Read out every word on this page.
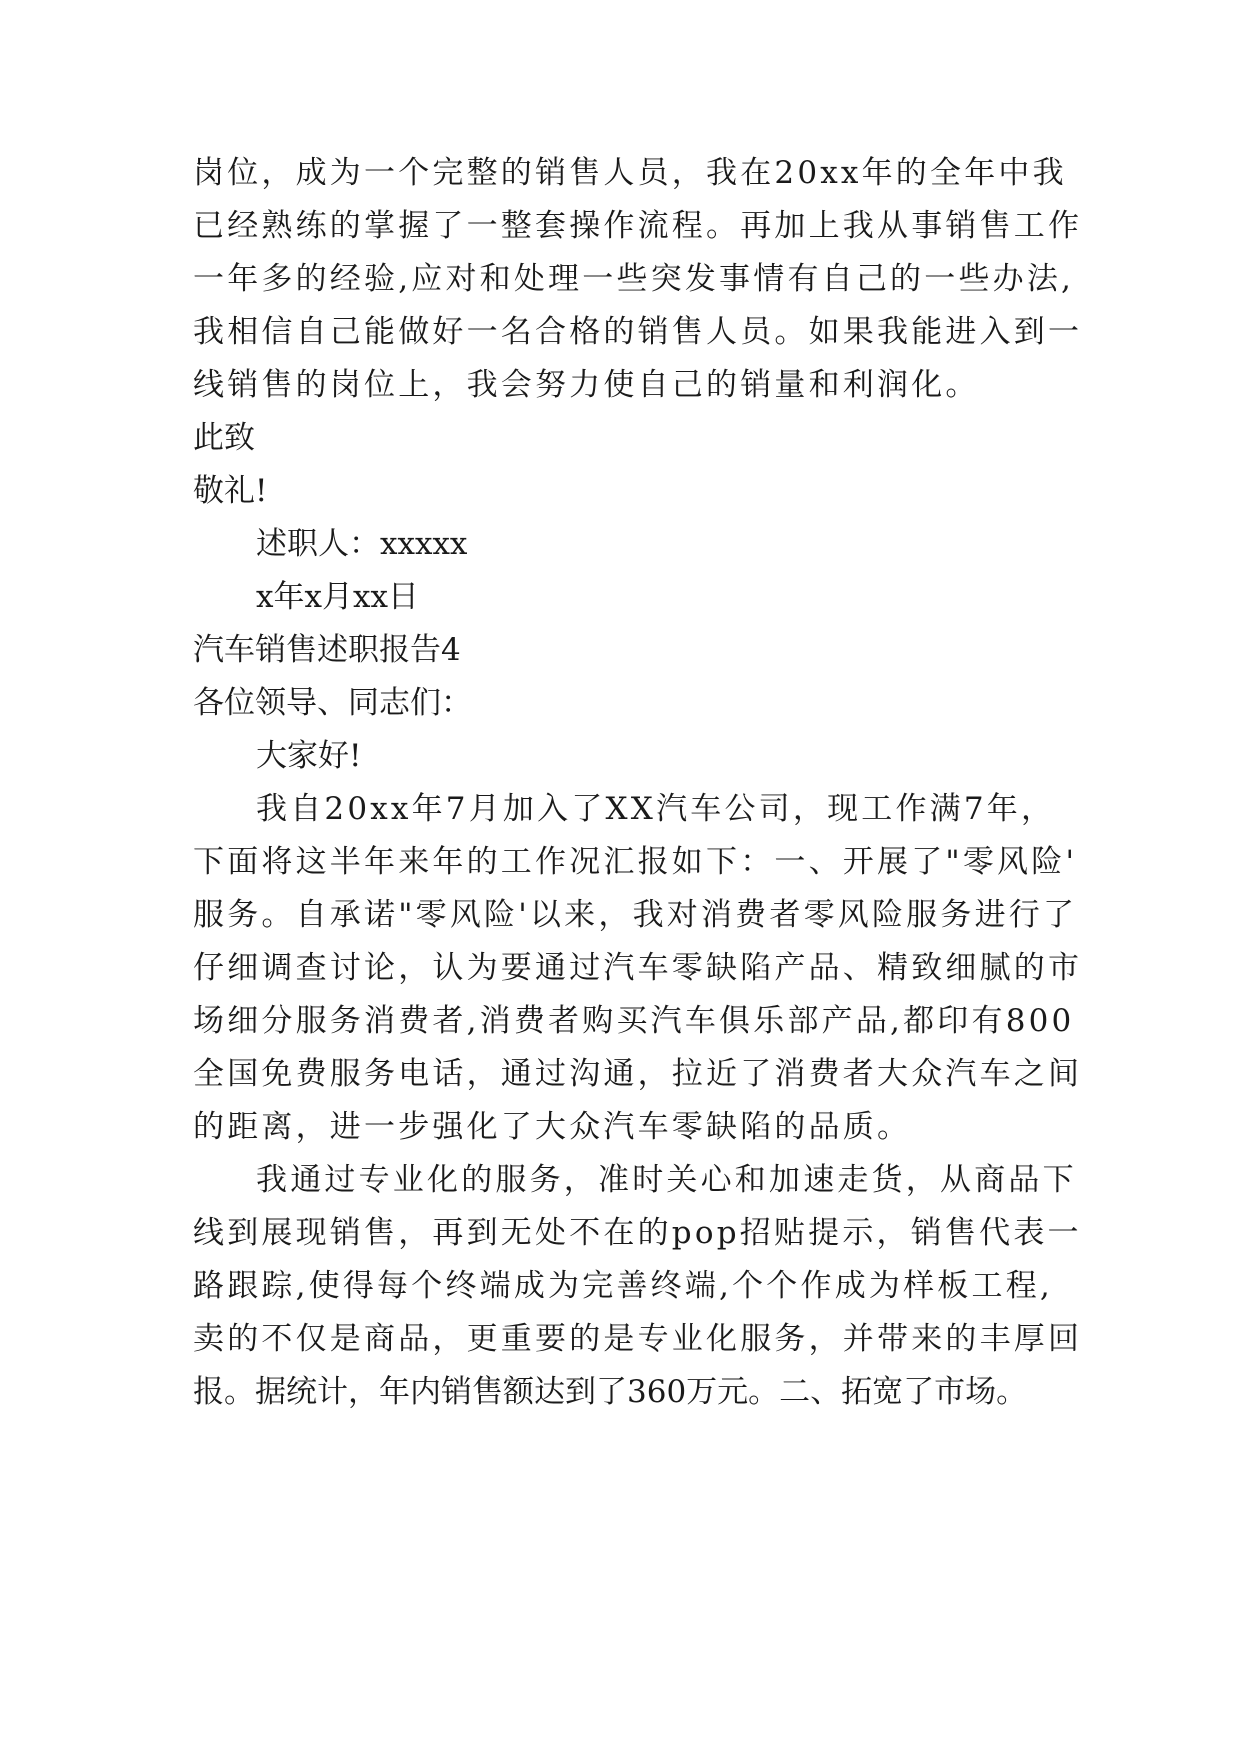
岗位，成为一个完整的销售人员，我在20xx年的全年中我
已经熟练的掌握了一整套操作流程。再加上我从事销售工作
一年多的经验,应对和处理一些突发事情有自己的一些办法,
我相信自己能做好一名合格的销售人员。如果我能进入到一
线销售的岗位上，我会努力使自己的销量和利润化。
此致
敬礼!
述职人：xxxxx
x年x月xx日
汽车销售述职报告4
各位领导、同志们：
大家好!
我自20xx年7月加入了XX汽车公司，现工作满7年，
下面将这半年来年的工作况汇报如下：一、开展了"零风险'
服务。自承诺"零风险'以来，我对消费者零风险服务进行了
仔细调查讨论，认为要通过汽车零缺陷产品、精致细腻的市
场细分服务消费者,消费者购买汽车俱乐部产品,都印有800
全国免费服务电话，通过沟通，拉近了消费者大众汽车之间
的距离，进一步强化了大众汽车零缺陷的品质。
我通过专业化的服务，准时关心和加速走货，从商品下
线到展现销售，再到无处不在的pop招贴提示，销售代表一
路跟踪,使得每个终端成为完善终端,个个作成为样板工程,
卖的不仅是商品，更重要的是专业化服务，并带来的丰厚回
报。据统计，年内销售额达到了360万元。二、拓宽了市场。
